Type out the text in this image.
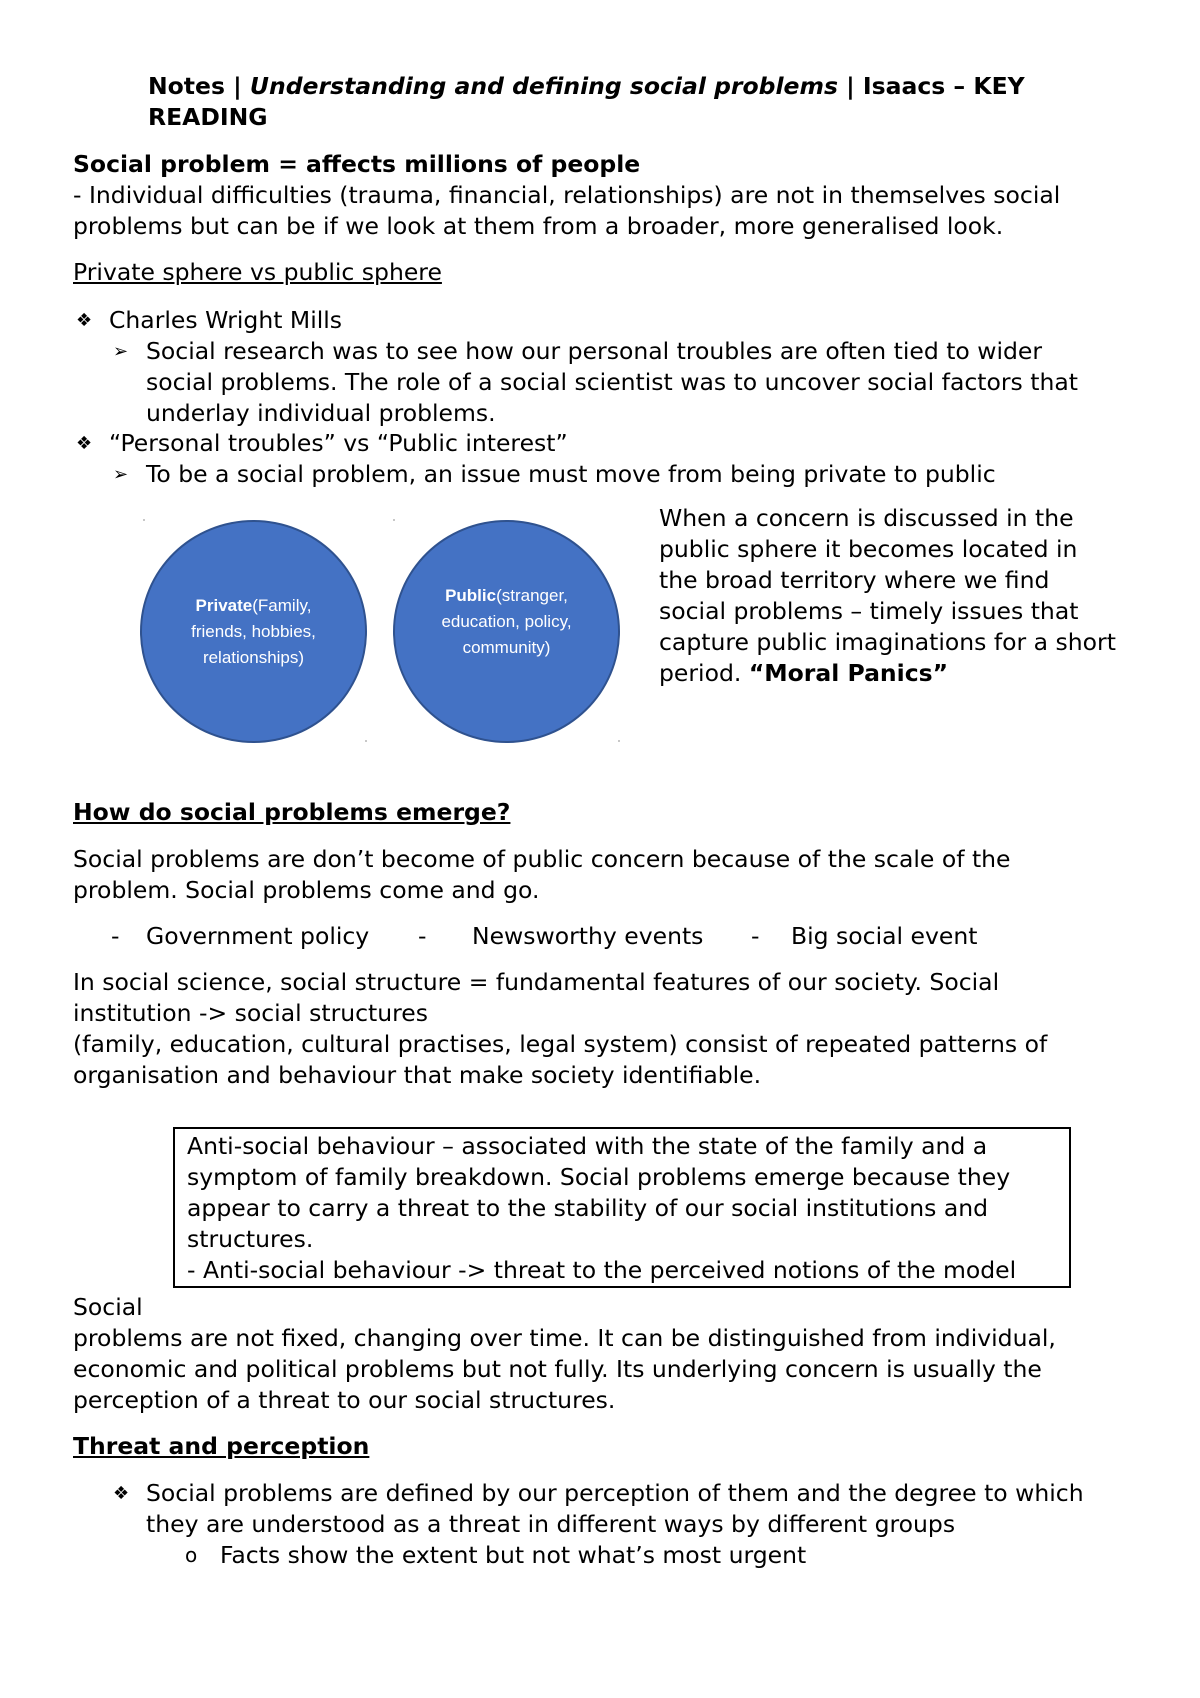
Notes | Understanding and defining social problems | Isaacs – KEY
READING
Social problem = affects millions of people
- Individual difficulties (trauma, financial, relationships) are not in themselves social
problems but can be if we look at them from a broader, more generalised look.
Private sphere vs public sphere
❖ Charles Wright Mills
➢ Social research was to see how our personal troubles are often tied to wider
social problems. The role of a social scientist was to uncover social factors that
underlay individual problems.
❖ “Personal troubles” vs “Public interest”
➢ To be a social problem, an issue must move from being private to public
Private(Family, friends, hobbies, relationships)
Public(stranger, education, policy, community)
When a concern is discussed in the
public sphere it becomes located in
the broad territory where we find
social problems – timely issues that
capture public imaginations for a short
period. “Moral Panics”
How do social problems emerge?
Social problems are don’t become of public concern because of the scale of the
problem. Social problems come and go.
- Government policy - Newsworthy events - Big social event
In social science, social structure = fundamental features of our society. Social
institution -> social structures
(family, education, cultural practises, legal system) consist of repeated patterns of
organisation and behaviour that make society identifiable.
Anti-social behaviour – associated with the state of the family and a
symptom of family breakdown. Social problems emerge because they
appear to carry a threat to the stability of our social institutions and
structures.
- Anti-social behaviour -> threat to the perceived notions of the model
Social
problems are not fixed, changing over time. It can be distinguished from individual,
economic and political problems but not fully. Its underlying concern is usually the
perception of a threat to our social structures.
Threat and perception
❖ Social problems are defined by our perception of them and the degree to which
they are understood as a threat in different ways by different groups
o Facts show the extent but not what’s most urgent
